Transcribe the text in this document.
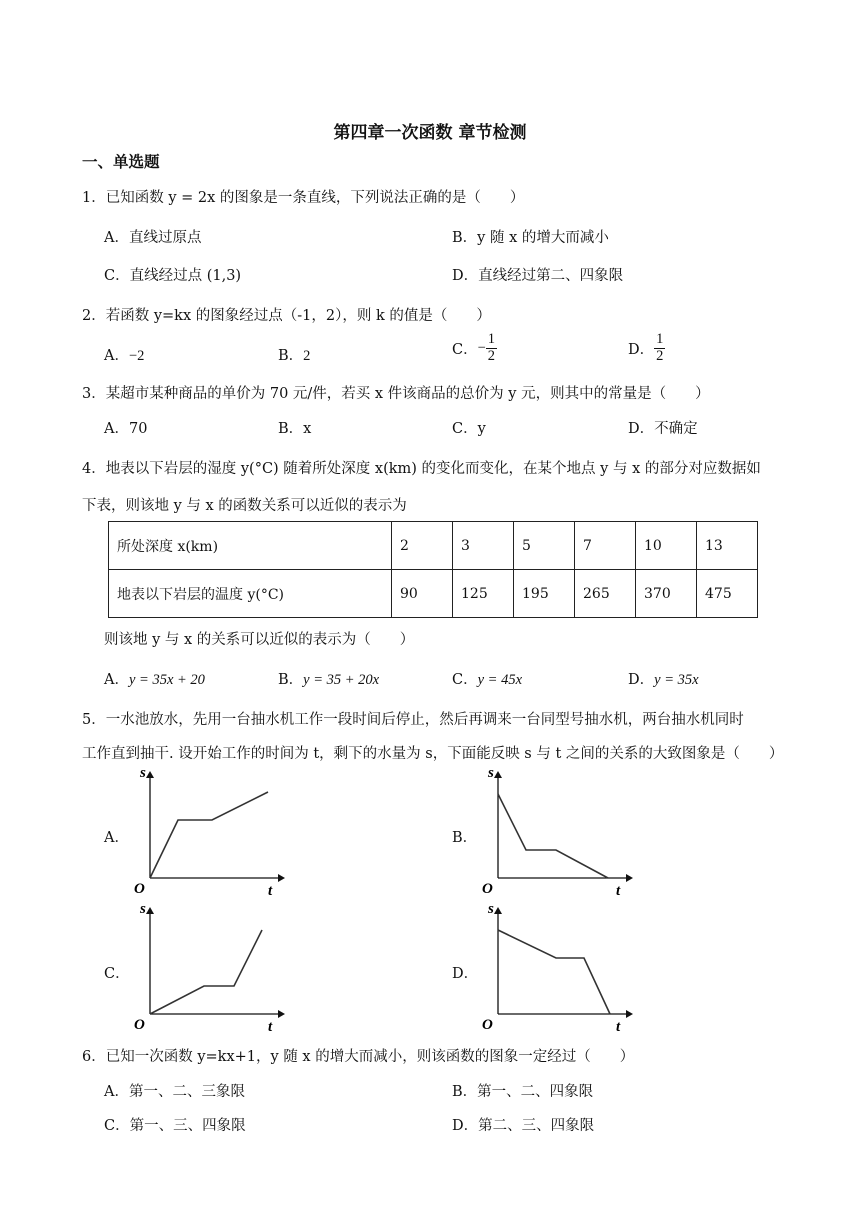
第四章一次函数 章节检测
一、单选题
1．已知函数 y = 2x 的图象是一条直线，下列说法正确的是（　　）
A．直线过原点	B．y 随 x 的增大而减小
C．直线经过点 (1,3)	D．直线经过第二、四象限
2．若函数 y=kx 的图象经过点（-1，2），则 k 的值是（　　）
A．−2	B．2	C．− $\frac{1}{2}$	D． $\frac{1}{2}$
3．某超市某种商品的单价为 70 元/件，若买 x 件该商品的总价为 y 元，则其中的常量是（　　）
A．70	B．x	C．y	D．不确定
4．地表以下岩层的湿度 y(°C) 随着所处深度 x(km) 的变化而变化，在某个地点 y 与 x 的部分对应数据如
下表，则该地 y 与 x 的函数关系可以近似的表示为
所处深度 x(km)	2	3	5	7	10	13
地表以下岩层的温度 y(°C)	90	125	195	265	370	475
则该地 y 与 x 的关系可以近似的表示为（　　）
A．y = 35x + 20	B．y = 35 + 20x	C．y = 45x	D．y = 35x
5．一水池放水，先用一台抽水机工作一段时间后停止，然后再调来一台同型号抽水机，两台抽水机同时
工作直到抽干. 设开始工作的时间为 t，剩下的水量为 s，下面能反映 s 与 t 之间的关系的大致图象是（　　）
A．	B．
C．	D．
s
t
O
s
t
O
s
t
O
s
t
O
6．已知一次函数 y=kx+1，y 随 x 的增大而减小，则该函数的图象一定经过（　　）
A．第一、二、三象限	B．第一、二、四象限
C．第一、三、四象限	D．第二、三、四象限
